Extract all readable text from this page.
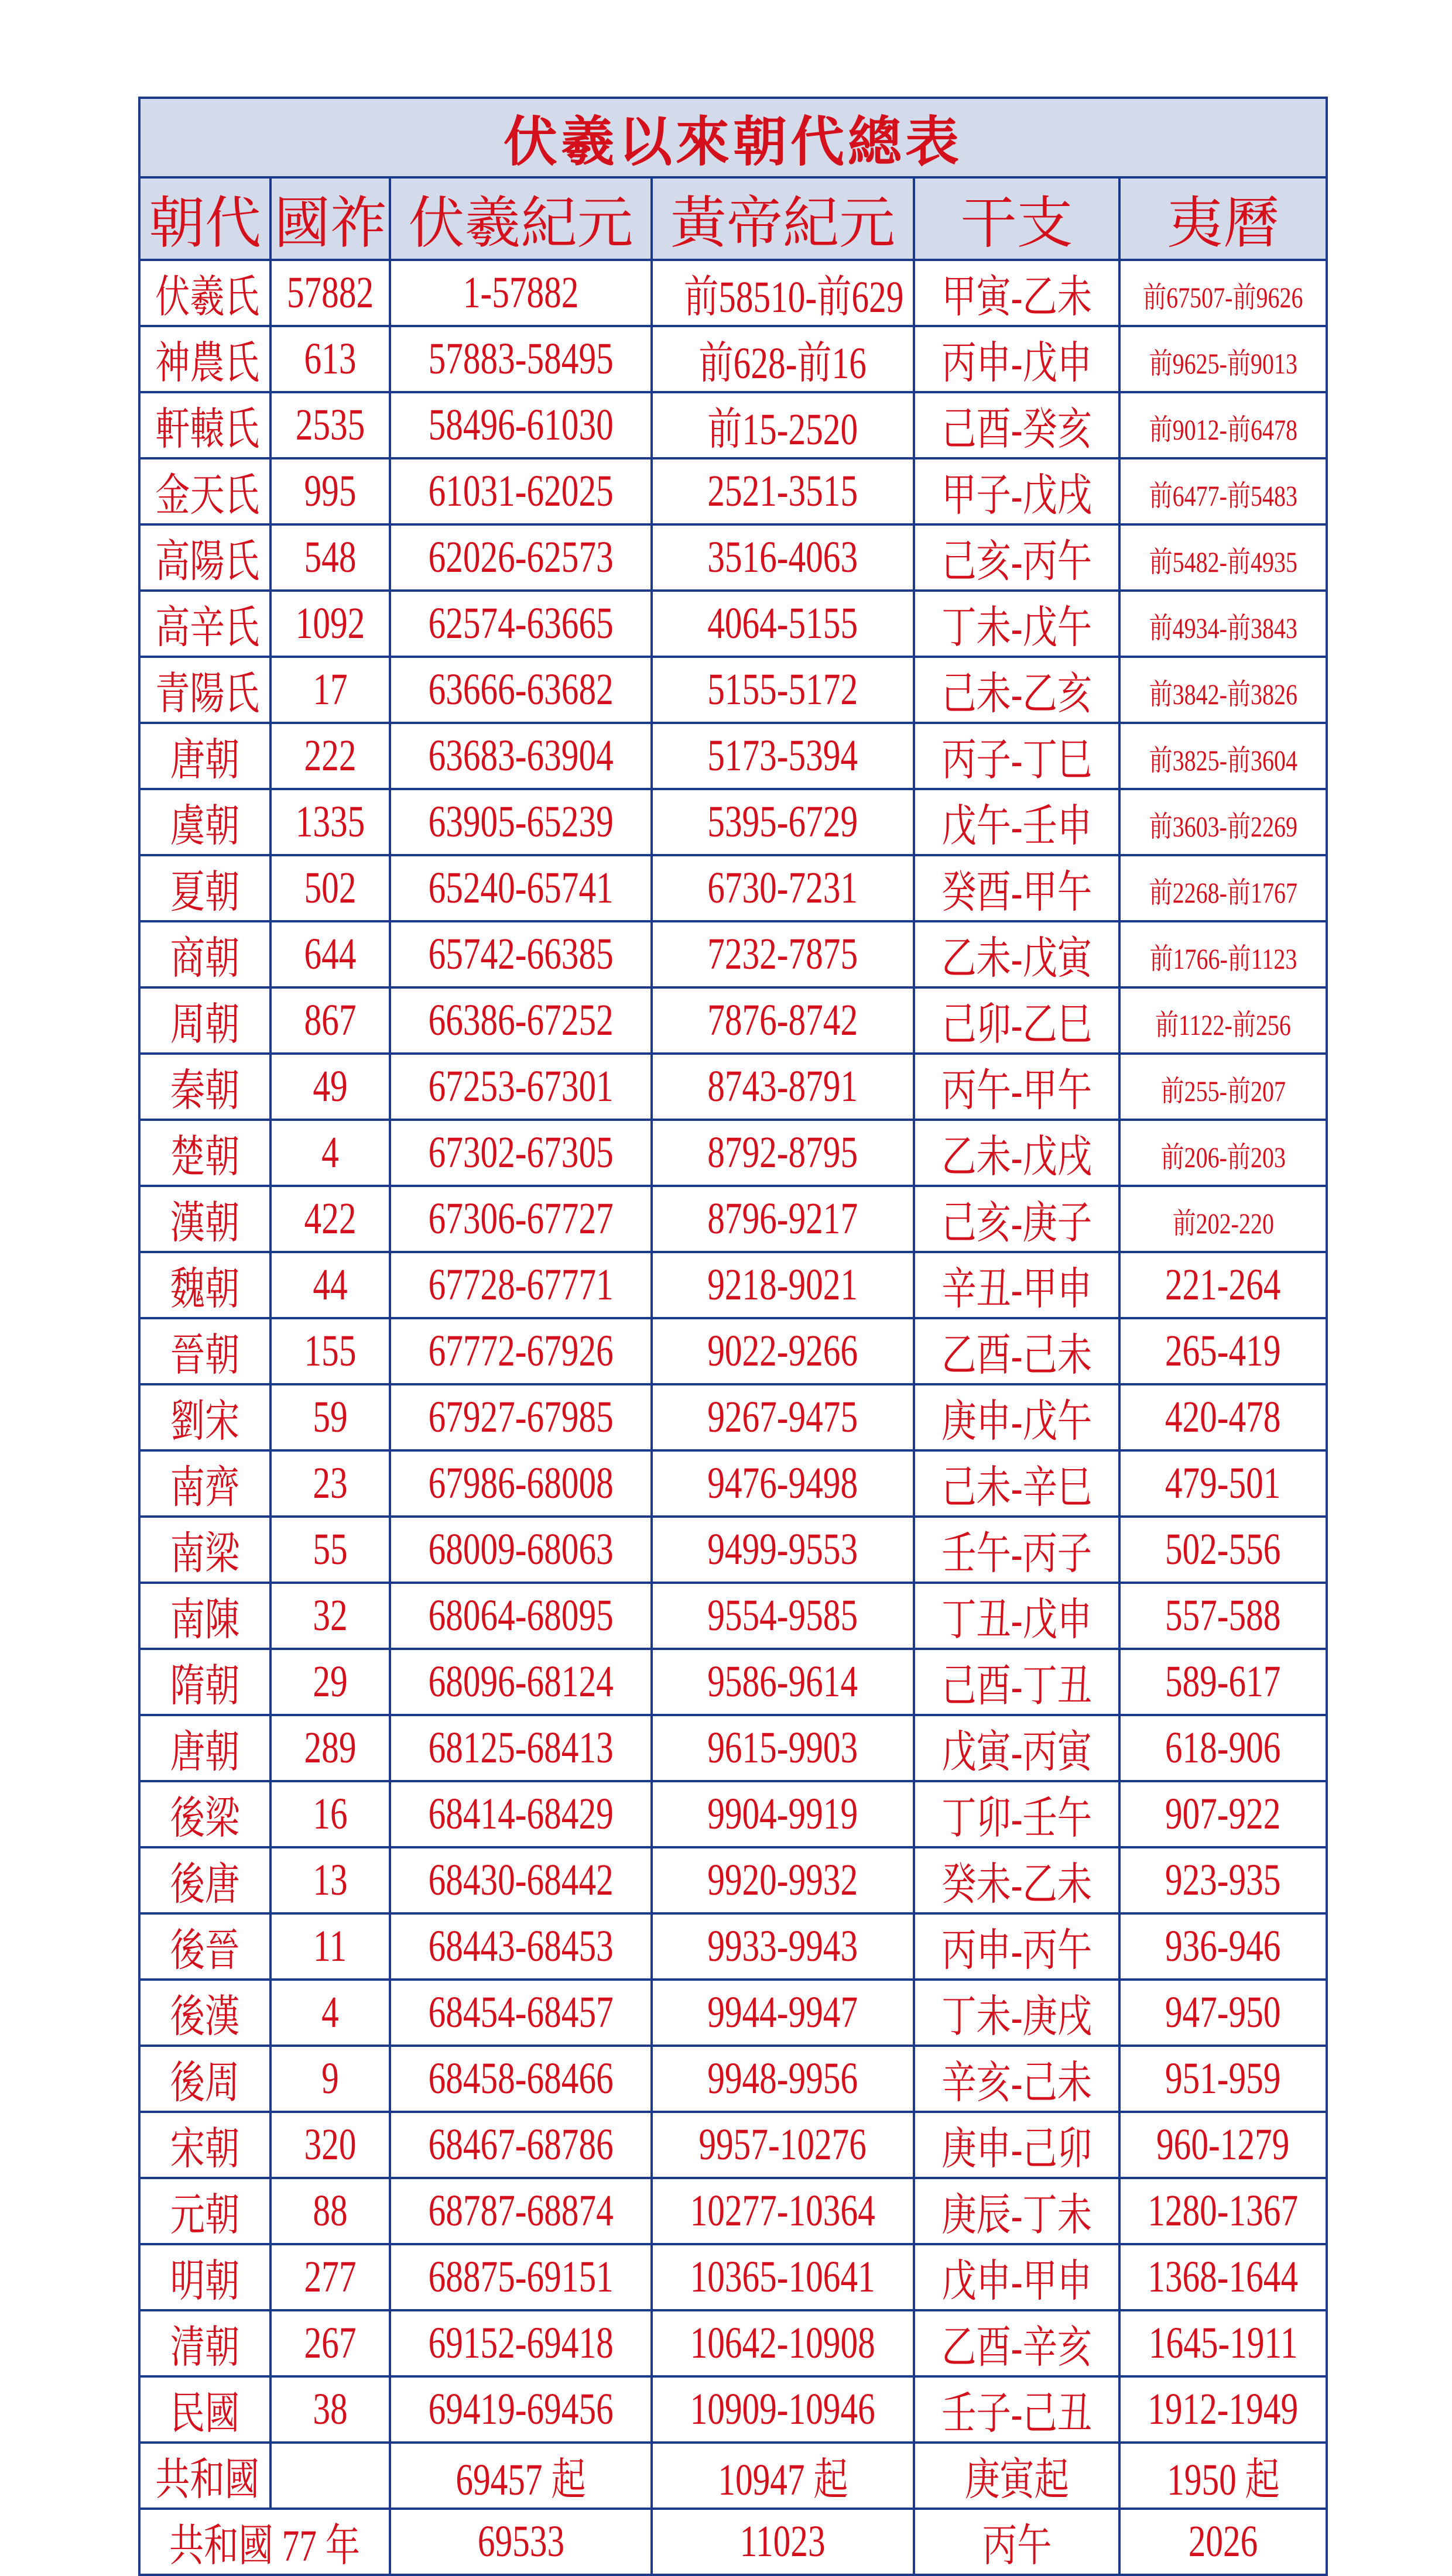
伏羲以來朝代總表					
朝代	國祚	伏羲紀元	黃帝紀元	干支	夷曆
伏羲氏	57882	1-57882	前58510-前629	甲寅-乙未	前67507-前9626
神農氏	613	57883-58495	前628-前16	丙申-戊申	前9625-前9013
軒轅氏	2535	58496-61030	前15-2520	己酉-癸亥	前9012-前6478
金天氏	995	61031-62025	2521-3515	甲子-戊戌	前6477-前5483
高陽氏	548	62026-62573	3516-4063	己亥-丙午	前5482-前4935
高辛氏	1092	62574-63665	4064-5155	丁未-戊午	前4934-前3843
青陽氏	17	63666-63682	5155-5172	己未-乙亥	前3842-前3826
唐朝	222	63683-63904	5173-5394	丙子-丁巳	前3825-前3604
虞朝	1335	63905-65239	5395-6729	戊午-壬申	前3603-前2269
夏朝	502	65240-65741	6730-7231	癸酉-甲午	前2268-前1767
商朝	644	65742-66385	7232-7875	乙未-戊寅	前1766-前1123
周朝	867	66386-67252	7876-8742	己卯-乙巳	前1122-前256
秦朝	49	67253-67301	8743-8791	丙午-甲午	前255-前207
楚朝	4	67302-67305	8792-8795	乙未-戊戌	前206-前203
漢朝	422	67306-67727	8796-9217	己亥-庚子	前202-220
魏朝	44	67728-67771	9218-9021	辛丑-甲申	221-264
晉朝	155	67772-67926	9022-9266	乙酉-己未	265-419
劉宋	59	67927-67985	9267-9475	庚申-戊午	420-478
南齊	23	67986-68008	9476-9498	己未-辛巳	479-501
南梁	55	68009-68063	9499-9553	壬午-丙子	502-556
南陳	32	68064-68095	9554-9585	丁丑-戊申	557-588
隋朝	29	68096-68124	9586-9614	己酉-丁丑	589-617
唐朝	289	68125-68413	9615-9903	戊寅-丙寅	618-906
後梁	16	68414-68429	9904-9919	丁卯-壬午	907-922
後唐	13	68430-68442	9920-9932	癸未-乙未	923-935
後晉	11	68443-68453	9933-9943	丙申-丙午	936-946
後漢	4	68454-68457	9944-9947	丁未-庚戌	947-950
後周	9	68458-68466	9948-9956	辛亥-己未	951-959
宋朝	320	68467-68786	9957-10276	庚申-己卯	960-1279
元朝	88	68787-68874	10277-10364	庚辰-丁未	1280-1367
明朝	277	68875-69151	10365-10641	戊申-甲申	1368-1644
清朝	267	69152-69418	10642-10908	乙酉-辛亥	1645-1911
民國	38	69419-69456	10909-10946	壬子-己丑	1912-1949
共和國		69457 起	10947 起	庚寅起	1950 起
共和國 77 年		69533	11023	丙午	2026
